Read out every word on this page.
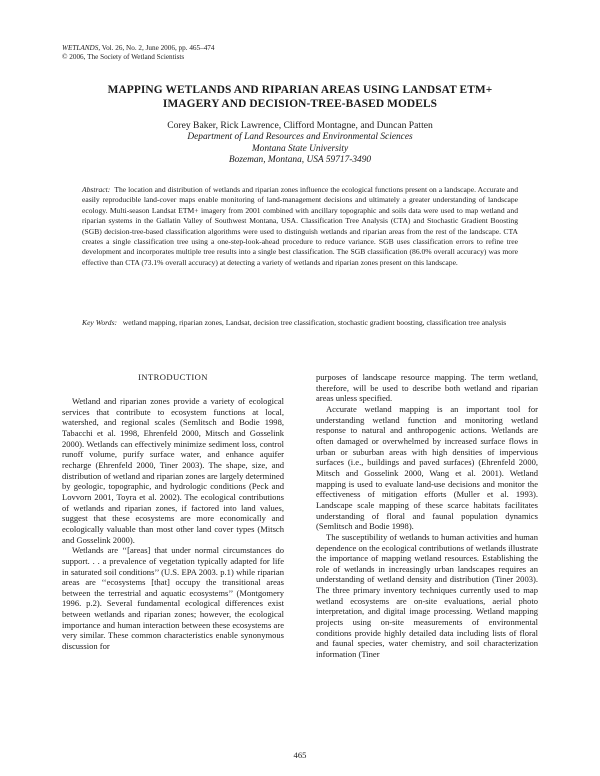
WETLANDS, Vol. 26, No. 2, June 2006, pp. 465–474
© 2006, The Society of Wetland Scientists
MAPPING WETLANDS AND RIPARIAN AREAS USING LANDSAT ETM+
IMAGERY AND DECISION-TREE-BASED MODELS
Corey Baker, Rick Lawrence, Clifford Montagne, and Duncan Patten
Department of Land Resources and Environmental Sciences
Montana State University
Bozeman, Montana, USA 59717-3490
Abstract: The location and distribution of wetlands and riparian zones influence the ecological functions present on a landscape. Accurate and easily reproducible land-cover maps enable monitoring of land-management decisions and ultimately a greater understanding of landscape ecology. Multi-season Landsat ETM+ imagery from 2001 combined with ancillary topographic and soils data were used to map wetland and riparian systems in the Gallatin Valley of Southwest Montana, USA. Classification Tree Analysis (CTA) and Stochastic Gradient Boosting (SGB) decision-tree-based classification algorithms were used to distinguish wetlands and riparian areas from the rest of the landscape. CTA creates a single classification tree using a one-step-look-ahead procedure to reduce variance. SGB uses classification errors to refine tree development and incorporates multiple tree results into a single best classification. The SGB classification (86.0% overall accuracy) was more effective than CTA (73.1% overall accuracy) at detecting a variety of wetlands and riparian zones present on this landscape.
Key Words: wetland mapping, riparian zones, Landsat, decision tree classification, stochastic gradient boosting, classification tree analysis
INTRODUCTION

Wetland and riparian zones provide a variety of ecological services that contribute to ecosystem functions at local, watershed, and regional scales (Semlitsch and Bodie 1998, Tabacchi et al. 1998, Ehrenfeld 2000, Mitsch and Gosselink 2000). Wetlands can effectively minimize sediment loss, control runoff volume, purify surface water, and enhance aquifer recharge (Ehrenfeld 2000, Tiner 2003). The shape, size, and distribution of wetland and riparian zones are largely determined by geologic, topographic, and hydrologic conditions (Peck and Lovvorn 2001, Toyra et al. 2002). The ecological contributions of wetlands and riparian zones, if factored into land values, suggest that these ecosystems are more economically and ecologically valuable than most other land cover types (Mitsch and Gosselink 2000).

Wetlands are ‘‘[areas] that under normal circumstances do support. . . a prevalence of vegetation typically adapted for life in saturated soil conditions’’ (U.S. EPA 2003. p.1) while riparian areas are ‘‘ecosystems [that] occupy the transitional areas between the terrestrial and aquatic ecosystems’’ (Montgomery 1996. p.2). Several fundamental ecological differences exist between wetlands and riparian zones; however, the ecological importance and human interaction between these ecosystems are very similar. These common characteristics enable synonymous discussion for

purposes of landscape resource mapping. The term wetland, therefore, will be used to describe both wetland and riparian areas unless specified.

Accurate wetland mapping is an important tool for understanding wetland function and monitoring wetland response to natural and anthropogenic actions. Wetlands are often damaged or overwhelmed by increased surface flows in urban or suburban areas with high densities of impervious surfaces (i.e., buildings and paved surfaces) (Ehrenfeld 2000, Mitsch and Gosselink 2000, Wang et al. 2001). Wetland mapping is used to evaluate land-use decisions and monitor the effectiveness of mitigation efforts (Muller et al. 1993). Landscape scale mapping of these scarce habitats facilitates understanding of floral and faunal population dynamics (Semlitsch and Bodie 1998).

The susceptibility of wetlands to human activities and human dependence on the ecological contributions of wetlands illustrate the importance of mapping wetland resources. Establishing the role of wetlands in increasingly urban landscapes requires an understanding of wetland density and distribution (Tiner 2003). The three primary inventory techniques currently used to map wetland ecosystems are on-site evaluations, aerial photo interpretation, and digital image processing. Wetland mapping projects using on-site measurements of environmental conditions provide highly detailed data including lists of floral and faunal species, water chemistry, and soil characterization information (Tiner

465
